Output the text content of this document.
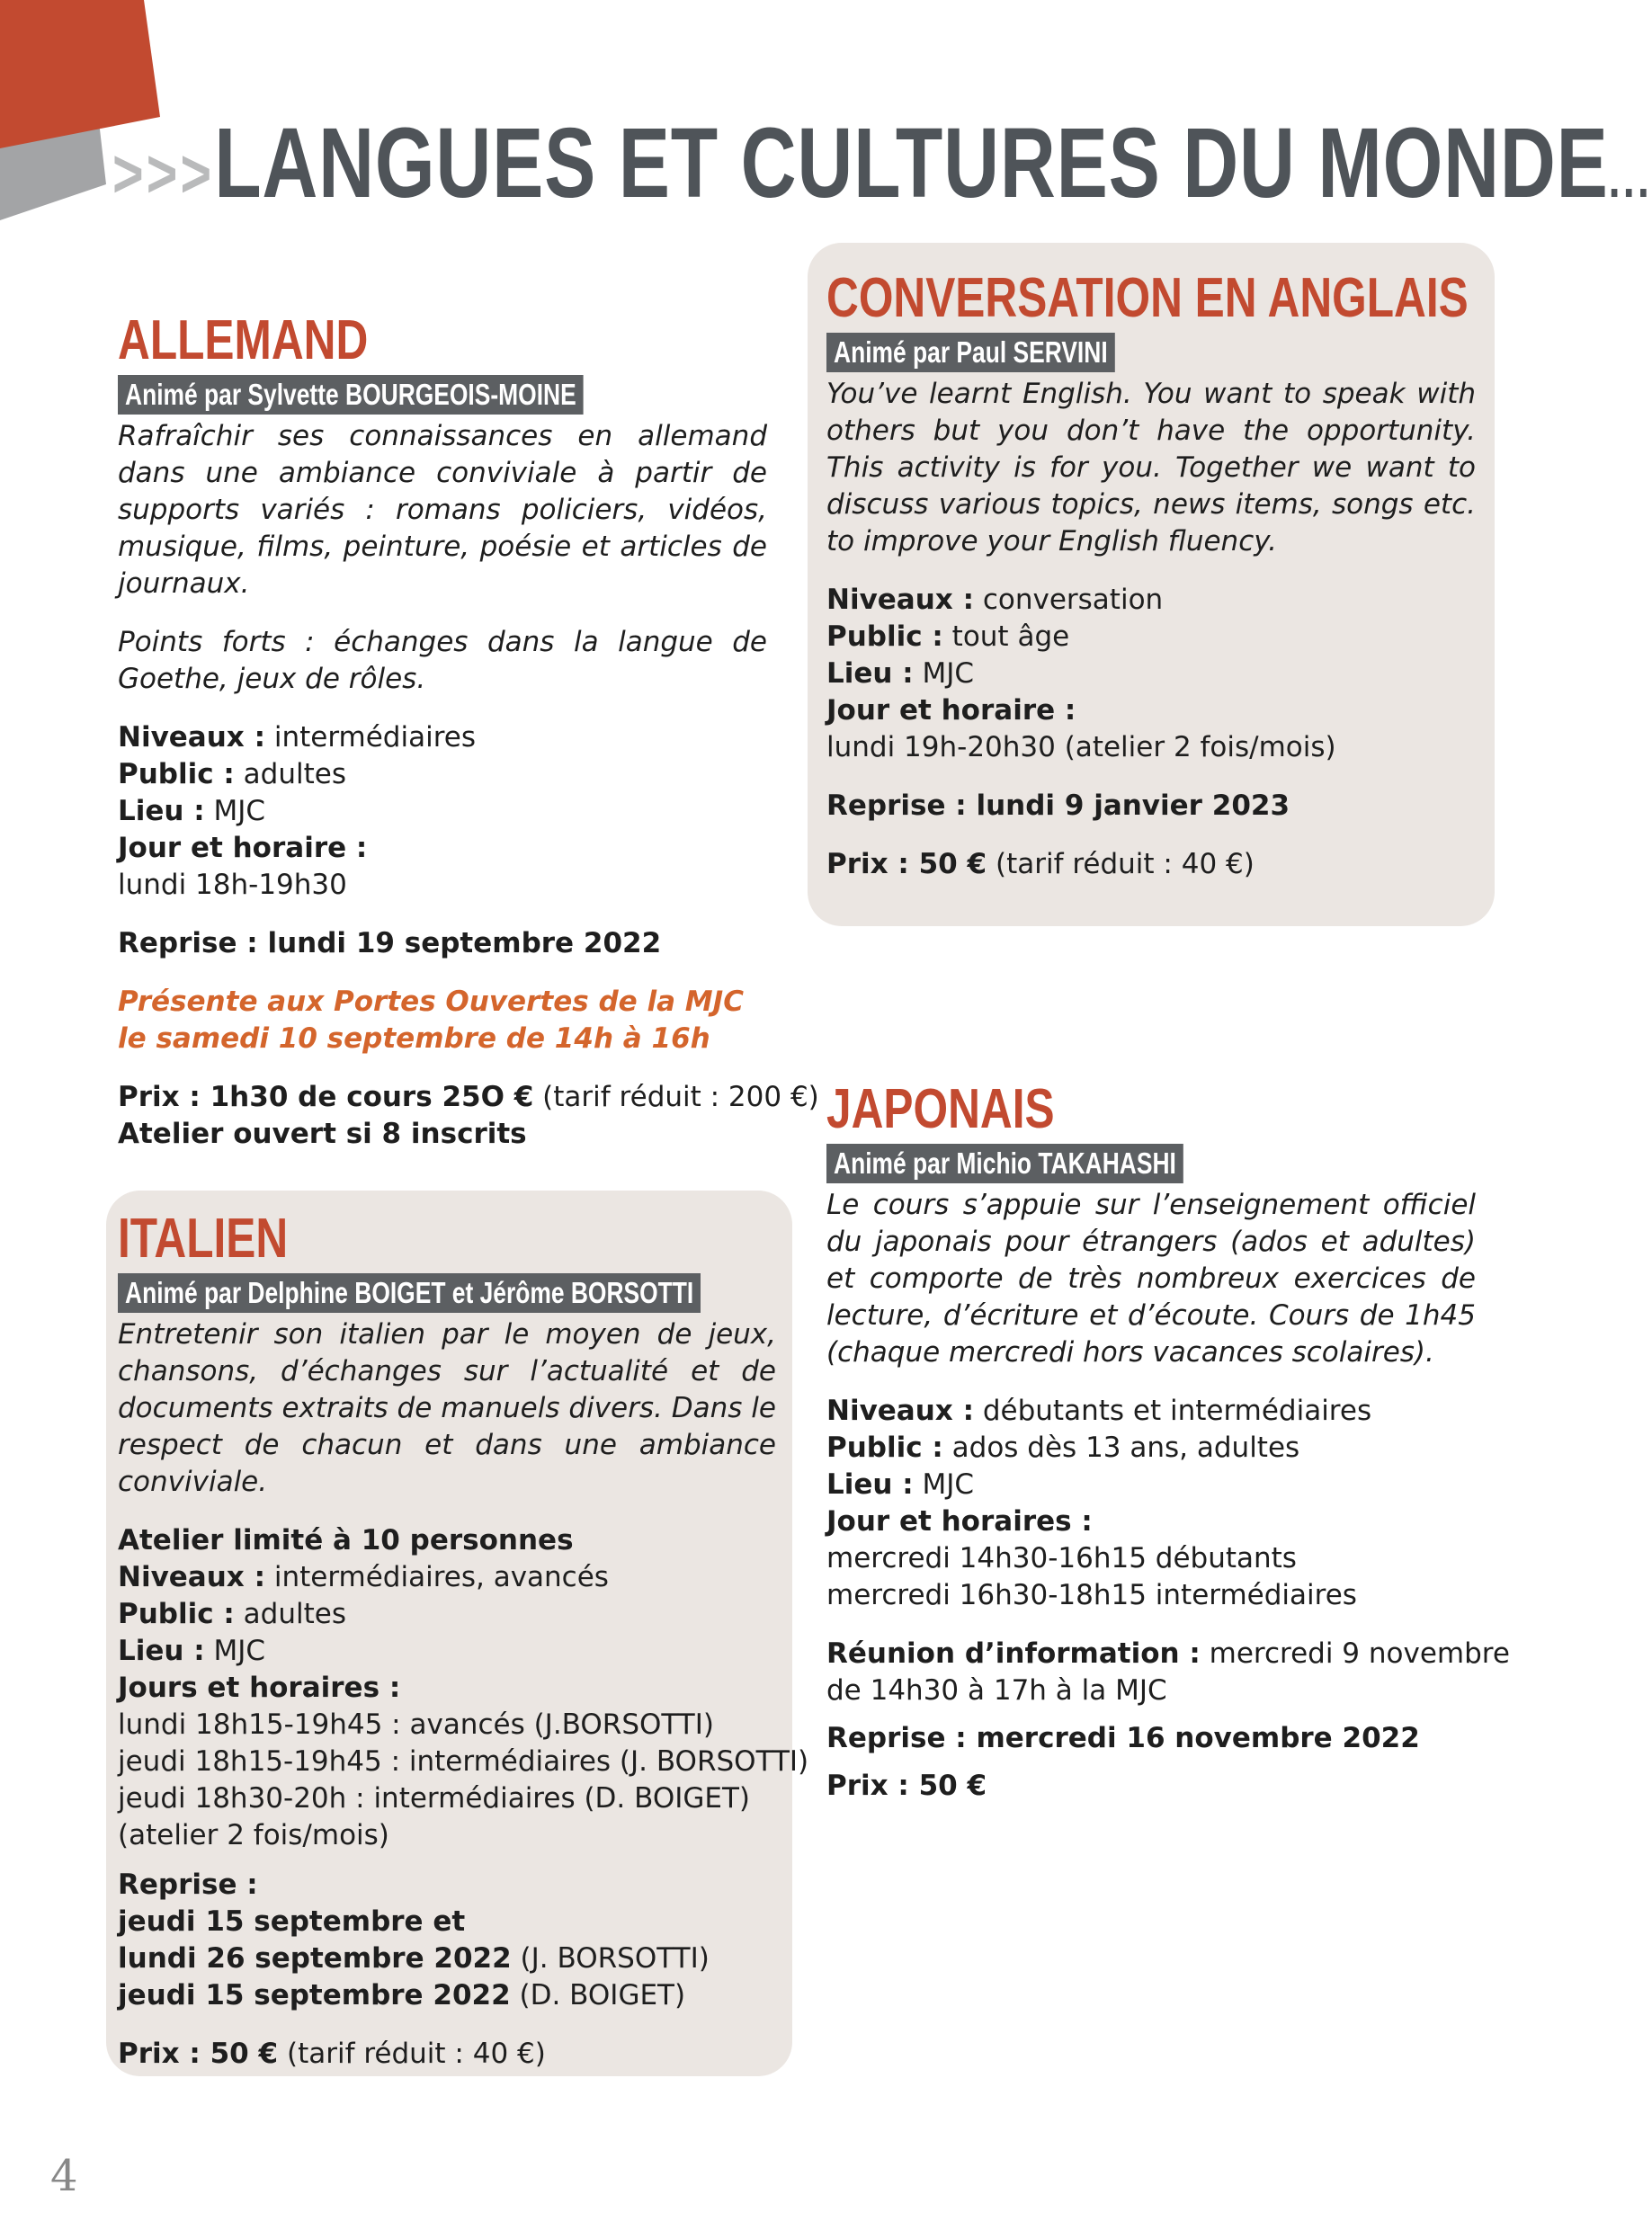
>>>LANGUES ET CULTURES DU MONDE...
ALLEMAND
Animé par Sylvette BOURGEOIS-MOINE

Rafraîchir ses connaissances en allemand dans une ambiance conviviale à partir de supports variés : romans policiers, vidéos, musique, films, peinture, poésie et articles de journaux.

Points forts : échanges dans la langue de Goethe, jeux de rôles.

Niveaux : intermédiaires
Public : adultes
Lieu : MJC
Jour et horaire :
lundi 18h-19h30
Reprise : lundi 19 septembre 2022
Présente aux Portes Ouvertes de la MJC
le samedi 10 septembre de 14h à 16h
Prix : 1h30 de cours 25O € (tarif réduit : 200 €)
Atelier ouvert si 8 inscrits
CONVERSATION EN ANGLAIS
Animé par Paul SERVINI

You’ve learnt English. You want to speak with others but you don’t have the opportunity. This activity is for you. Together we want to discuss various topics, news items, songs etc. to improve your English fluency.

Niveaux : conversation
Public : tout âge
Lieu : MJC
Jour et horaire :
lundi 19h-20h30 (atelier 2 fois/mois)
Reprise : lundi 9 janvier 2023
Prix : 50 € (tarif réduit : 40 €)
ITALIEN
Animé par Delphine BOIGET et Jérôme BORSOTTI

Entretenir son italien par le moyen de jeux, chansons, d’échanges sur l’actualité et de documents extraits de manuels divers. Dans le respect de chacun et dans une ambiance conviviale.

Atelier limité à 10 personnes
Niveaux : intermédiaires, avancés
Public : adultes
Lieu : MJC
Jours et horaires :
lundi 18h15-19h45 : avancés (J.BORSOTTI)
jeudi 18h15-19h45 : intermédiaires (J. BORSOTTI)
jeudi 18h30-20h : intermédiaires (D. BOIGET)
(atelier 2 fois/mois)
Reprise :
jeudi 15 septembre et
lundi 26 septembre 2022 (J. BORSOTTI)
jeudi 15 septembre 2022 (D. BOIGET)
Prix : 50 € (tarif réduit : 40 €)
JAPONAIS
Animé par Michio TAKAHASHI

Le cours s’appuie sur l’enseignement officiel du japonais pour étrangers (ados et adultes) et comporte de très nombreux exercices de lecture, d’écriture et d’écoute. Cours de 1h45 (chaque mercredi hors vacances scolaires).

Niveaux : débutants et intermédiaires
Public : ados dès 13 ans, adultes
Lieu : MJC
Jour et horaires :
mercredi 14h30-16h15 débutants
mercredi 16h30-18h15 intermédiaires
Réunion d’information : mercredi 9 novembre
de 14h30 à 17h à la MJC
Reprise : mercredi 16 novembre 2022
Prix : 50 €
4
